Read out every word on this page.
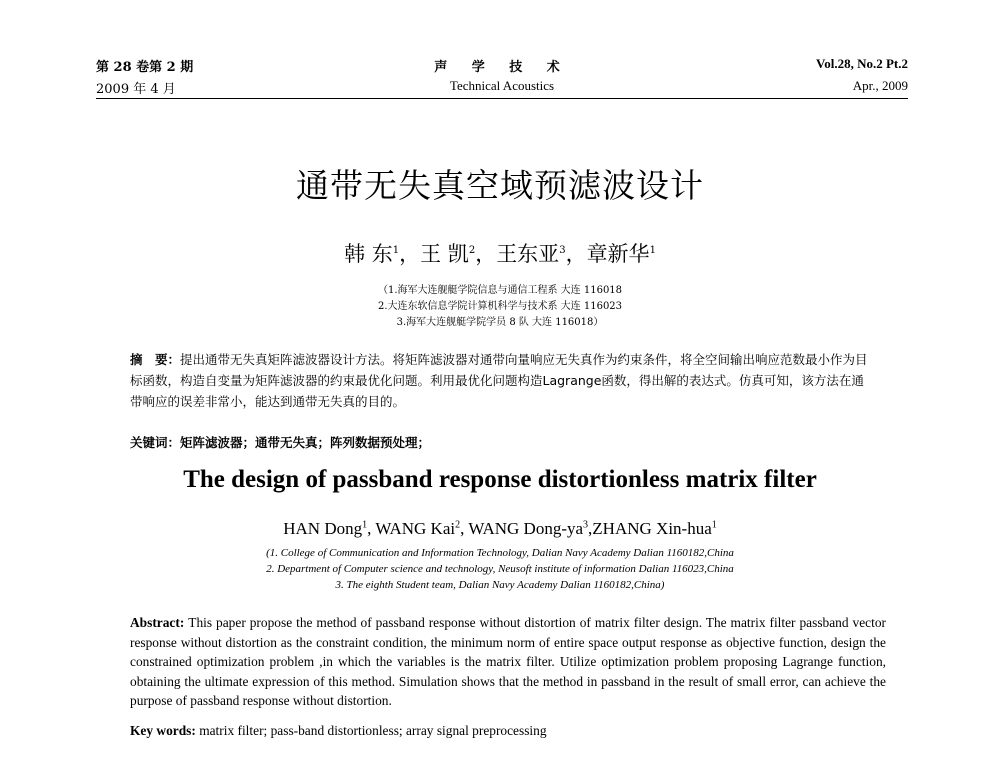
第 28 卷第 2 期	声 学 技 术	Vol.28, No.2 Pt.2
2009 年 4 月	Technical Acoustics	Apr., 2009
通带无失真空域预滤波设计
韩 东$^1$，王 凯$^2$，王东亚$^3$，章新华$^1$
（1.海军大连舰艇学院信息与通信工程系 大连 116018
2.大连东软信息学院计算机科学与技术系 大连 116023
3.海军大连舰艇学院学员 8 队 大连 116018）
摘　要：提出通带无失真矩阵滤波器设计方法。将矩阵滤波器对通带向量响应无失真作为约束条件，将全空间输出响应范数最小作为目标函数，构造自变量为矩阵滤波器的约束最优化问题。利用最优化问题构造Lagrange函数，得出解的表达式。仿真可知，该方法在通带响应的误差非常小，能达到通带无失真的目的。
关键词：矩阵滤波器；通带无失真；阵列数据预处理；
The design of passband response distortionless matrix filter
HAN Dong$^1$, WANG Kai$^2$, WANG Dong-$ya^3,ZHANG$ Xin-hua$^1$
(1. College of Communication and Information Technology, Dalian Navy Academy Dalian 1160182,China
2. Department of Computer science and technology, Neusoft institute of information Dalian 116023,China
3. The eighth Student team, Dalian Navy Academy Dalian 1160182,China)
Abstract: This paper propose the method of passband response without distortion of matrix filter design. The matrix filter passband vector response without distortion as the constraint condition, the minimum norm of entire space output response as objective function, design the constrained optimization problem ,in which the variables is the matrix filter. Utilize optimization problem proposing Lagrange function, obtaining the ultimate expression of this method. Simulation shows that the method in passband in the result of small error, can achieve the purpose of passband response without distortion.
Key words: matrix filter; pass-band distortionless; array signal preprocessing
